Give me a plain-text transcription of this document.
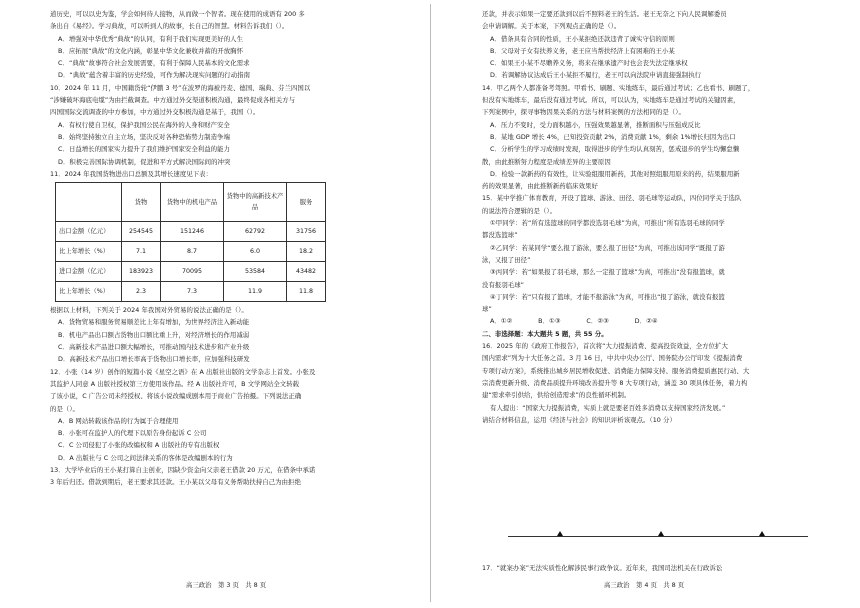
道历史，可以以史为鉴，学会如何待人接物，从而做一个智者。现在使用的成语有 200 多
条出自《易经》。学习典故，可以听到人的故事，长自己的智慧。材料告诉我们（）。
A．增强对中华优秀“典故”的认同，有利于我们实现更美好的人生
B．应拓展“典故”的文化内涵，彰显中华文化兼收并蓄的开放胸怀
C．“典故”故事符合社会发展需要，有利于保障人民基本的文化需求
D．“典故”蕴含着丰富的历史经验，可作为解决现实问题的行动指南
10．2024 年 11 月，中国籍货轮“伊鹏 3 号”在波罗的海被丹麦、德国、瑞典、芬兰四国以
“涉嫌破坏海底电缆”为由拦截调查。中方通过外交渠道积极沟通，最终促成各相关方与
四国国际交流调查的中方参加，中方通过外交积极沟通是基于，我国（）。
A．有权行使自卫权，保护我国公民在海外的人身和财产安全
B．始终坚持独立自主立场，坚决反对各种恐怖势力制造争端
C．日益增长的国家实力提升了我们维护国家安全利益的能力
D．积极完善国际协调机制，促进和平方式解决国际间的冲突
11．2024 年我国货物进出口总额及其增长速度见下表：
	货物	货物中的机电产品	货物中的高新技术产品	服务
出口金额（亿元）	254545	151246	62792	31756
比上年增长（%）	7.1	8.7	6.0	18.2
进口金额（亿元）	183923	70095	53584	43482
比上年增长（%）	2.3	7.3	11.9	11.8
根据以上材料，下列关于 2024 年我国对外贸易的说法正确的是（）。
A．货物贸易和服务贸易顺差比上年有增加，为世界经济注入新动能
B．机电产品出口额占货物出口额比重上升，对经济增长的作用减弱
C．高新技术产品进口额大幅增长，可推动国内技术进步和产业升级
D．高新技术产品出口增长率高于货物出口增长率，应加强科技研发
12．小张（14 岁）创作的短篇小说《星空之语》在 A 出版社出版的文学杂志上首发。小张及
其监护人同意 A 出版社授权第三方使用该作品。经 A 出版社许可，B 文学网站全文转载
了该小说，C 广告公司未经授权、将该小说改编成剧本用于商业广告拍摄。下列说法正确
的是（）。
A．B 网站转载该作品的行为属于合理使用
B．小张可在监护人的代理下以原告身份起诉 C 公司
C．C 公司侵犯了小张的改编权和 A 出版社的专有出版权
D．A 出版社与 C 公司之间法律关系的客体是改编剧本的行为
13．大学毕业后的王小某打算自主创业，因缺少资金向父亲老王借款 20 万元，在借条中承诺
3 年后归还。借款到期后，老王要求其还款。王小某以父母有义务帮助扶持自己为由拒绝
还款，并表示如果一定要还款到以后不照料老王的生活。老王无奈之下向人民调解委员
会申请调解。关于本案，下列观点正确的是（）。
A．借条具有合同的性质，王小某拒绝还款违背了诚实守信的原则
B．父母对子女有扶养义务，老王应当帮扶经济上有困难的王小某
C．如果王小某不尽赡养义务，将来在继承遗产时也会丧失法定继承权
D．若调解协议达成后王小某拒不履行，老王可以向法院申请直接强制执行
14．甲乙两个人都准备考驾照。甲看书、刷题、实地练车，最后通过考试；乙也看书、刷题了，
但没有实地练车，最后没有通过考试。所以，可以认为，实地练车是通过考试的关键因素，
下列案例中，探寻事物因果关系的方法与材料案例的方法相同的是（）。
A．压力不变时，受力面积越小，压强效果越显著，推断面积与压强成反比
B．某地 GDP 增长 4%，已知投资贡献 2%，消费贡献 1%，剩余 1%增长归因为出口
C．分析学生的学习成绩时发现，取得进步的学生均认真刻苦，惩戒退步的学生均懈怠懒
散，由此推断努力程度是成绩差异的主要原因
D．检验一款新药的有效性，让实验组服用新药，其他对照组服用原来的药，结果服用新
药的效果显著，由此推断新药临床效果好
15．某中学推广体育教育，开设了篮球、游泳、田径、羽毛球等运动队，四位同学关于选队
的说法符合逻辑的是（）。
①甲同学：若“所有选篮球的同学都没选羽毛球”为真，可推出“所有选羽毛球的同学
都没选篮球”
②乙同学：若某同学“要么报了游泳，要么报了田径”为真，可推出该同学“既报了游
泳，又报了田径”
③丙同学：若“如果报了羽毛球，那么一定报了篮球”为真，可推出“没有报篮球，就
没有报羽毛球”
④丁同学：若“只有报了篮球，才能不报游泳”为真，可推出“报了游泳，就没有报篮
球”
A．①②　　　　B．①③　　　　C．②③　　　　D．②④
二、非选择题：本大题共 5 题，共 55 分。
16．2025 年的《政府工作报告》，首次将“大力提振消费、提高投资效益，全方位扩大
国内需求”列为十大任务之首。3 月 16 日，中共中央办公厅、国务院办公厅印发《提振消费
专项行动方案》，系统推出城乡居民增收促进、消费能力保障支持、服务消费提质惠民行动、大
宗消费更新升级、消费品质提升环境改善提升等 8 大专项行动，涵盖 30 项具体任务，着力构
建“需求牵引供给，供给创造需求”的良性循环机制。
有人提出：“国家大力提振消费，实质上就是要老百姓多消费以支持国家经济发展。”
请结合材料信息，运用《经济与社会》的知识评析该观点。（10 分）
17．“就案办案”无法实质性化解涉民事行政争议。近年来，我国司法机关在行政诉讼
高三政治　第 3 页　共 8 页	高三政治　第 4 页　共 8 页
